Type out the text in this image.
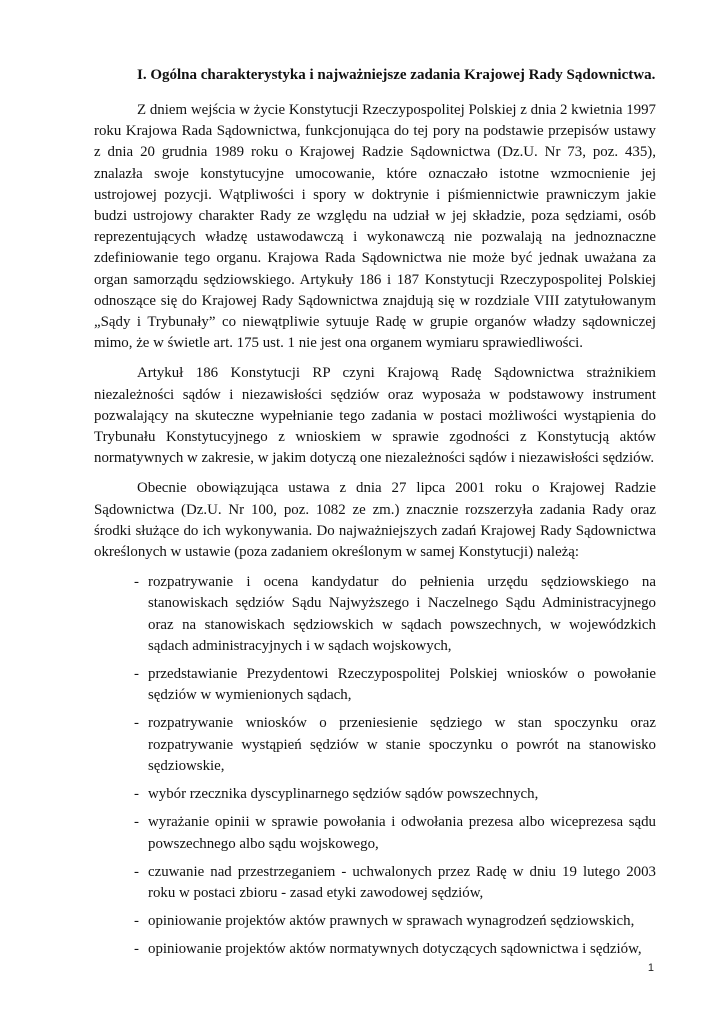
I. Ogólna charakterystyka i najważniejsze zadania Krajowej Rady Sądownictwa.

Z dniem wejścia w życie Konstytucji Rzeczypospolitej Polskiej z dnia 2 kwietnia 1997 roku Krajowa Rada Sądownictwa, funkcjonująca do tej pory na podstawie przepisów ustawy z dnia 20 grudnia 1989 roku o Krajowej Radzie Sądownictwa (Dz.U. Nr 73, poz. 435), znalazła swoje konstytucyjne umocowanie, które oznaczało istotne wzmocnienie jej ustrojowej pozycji. Wątpliwości i spory w doktrynie i piśmiennictwie prawniczym jakie budzi ustrojowy charakter Rady ze względu na udział w jej składzie, poza sędziami, osób reprezentujących władzę ustawodawczą i wykonawczą nie pozwalają na jednoznaczne zdefiniowanie tego organu. Krajowa Rada Sądownictwa nie może być jednak uważana za organ samorządu sędziowskiego. Artykuły 186 i 187 Konstytucji Rzeczypospolitej Polskiej odnoszące się do Krajowej Rady Sądownictwa znajdują się w rozdziale VIII zatytułowanym „Sądy i Trybunały” co niewątpliwie sytuuje Radę w grupie organów władzy sądowniczej mimo, że w świetle art. 175 ust. 1 nie jest ona organem wymiaru sprawiedliwości.

Artykuł 186 Konstytucji RP czyni Krajową Radę Sądownictwa strażnikiem niezależności sądów i niezawisłości sędziów oraz wyposaża w podstawowy instrument pozwalający na skuteczne wypełnianie tego zadania w postaci możliwości wystąpienia do Trybunału Konstytucyjnego z wnioskiem w sprawie zgodności z Konstytucją aktów normatywnych w zakresie, w jakim dotyczą one niezależności sądów i niezawisłości sędziów.

Obecnie obowiązująca ustawa z dnia 27 lipca 2001 roku o Krajowej Radzie Sądownictwa (Dz.U. Nr 100, poz. 1082 ze zm.) znacznie rozszerzyła zadania Rady oraz środki służące do ich wykonywania. Do najważniejszych zadań Krajowej Rady Sądownictwa określonych w ustawie (poza zadaniem określonym w samej Konstytucji) należą:

- rozpatrywanie i ocena kandydatur do pełnienia urzędu sędziowskiego na stanowiskach sędziów Sądu Najwyższego i Naczelnego Sądu Administracyjnego oraz na stanowiskach sędziowskich w sądach powszechnych, w wojewódzkich sądach administracyjnych i w sądach wojskowych,
- przedstawianie Prezydentowi Rzeczypospolitej Polskiej wniosków o powołanie sędziów w wymienionych sądach,
- rozpatrywanie wniosków o przeniesienie sędziego w stan spoczynku oraz rozpatrywanie wystąpień sędziów w stanie spoczynku o powrót na stanowisko sędziowskie,
- wybór rzecznika dyscyplinarnego sędziów sądów powszechnych,
- wyrażanie opinii w sprawie powołania i odwołania prezesa albo wiceprezesa sądu powszechnego albo sądu wojskowego,
- czuwanie nad przestrzeganiem - uchwalonych przez Radę w dniu 19 lutego 2003 roku w postaci zbioru - zasad etyki zawodowej sędziów,
- opiniowanie projektów aktów prawnych w sprawach wynagrodzeń sędziowskich,
- opiniowanie projektów aktów normatywnych dotyczących sądownictwa i sędziów,
1
